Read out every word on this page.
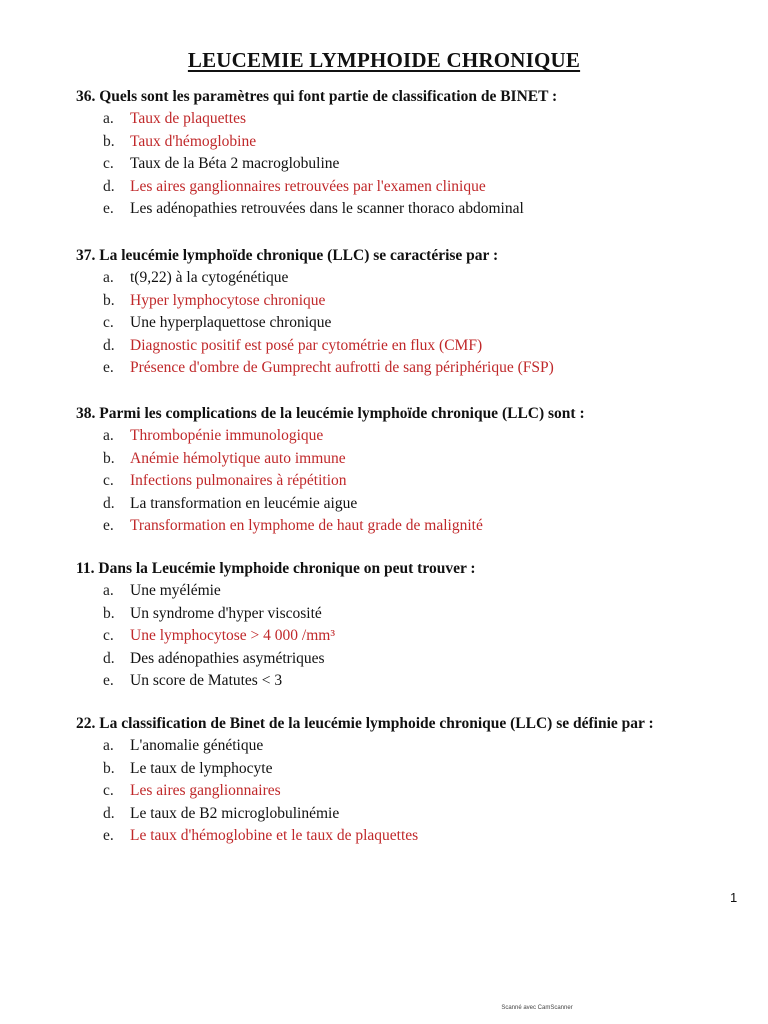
LEUCEMIE LYMPHOIDE CHRONIQUE

36. Quels sont les paramètres qui font partie de classification de BINET :

a.	Taux de plaquettes
b. Taux d'hémoglobine
c.	Taux de la Béta 2 macroglobuline
d. Les aires ganglionnaires retrouvées par l'examen clinique
e.	Les adénopathies retrouvées dans le scanner thoraco abdominal

37. La leucémie lymphoïde chronique (LLC) se caractérise par :

a.	t(9,22) à la cytogénétique
b. Hyper lymphocytose chronique
c.	Une hyperplaquettose chronique
d. Diagnostic positif est posé par cytométrie en flux (CMF)
e.	Présence d'ombre de Gumprecht aufrotti de sang périphérique (FSP)

38. Parmi les complications de la leucémie lymphoïde chronique (LLC) sont :

a.	Thrombopénie immunologique
b. Anémie hémolytique auto immune
c.	Infections pulmonaires à répétition
d. La transformation en leucémie aigue
e.	Transformation en lymphome de haut grade de malignité

11. Dans la Leucémie lymphoide chronique on peut trouver :

a.	Une myélémie
b. Un syndrome d'hyper viscosité
c.	Une lymphocytose > 4 000 /mm³
d. Des adénopathies asymétriques
e.	Un score de Matutes < 3

22. La classification de Binet de la leucémie lymphoide chronique (LLC) se définie par :

a.	L'anomalie génétique
b. Le taux de lymphocyte
c.	Les aires ganglionnaires
d. Le taux de B2 microglobulinémie
e.	Le taux d'hémoglobine et le taux de plaquettes
1
Scanné avec CamScanner
